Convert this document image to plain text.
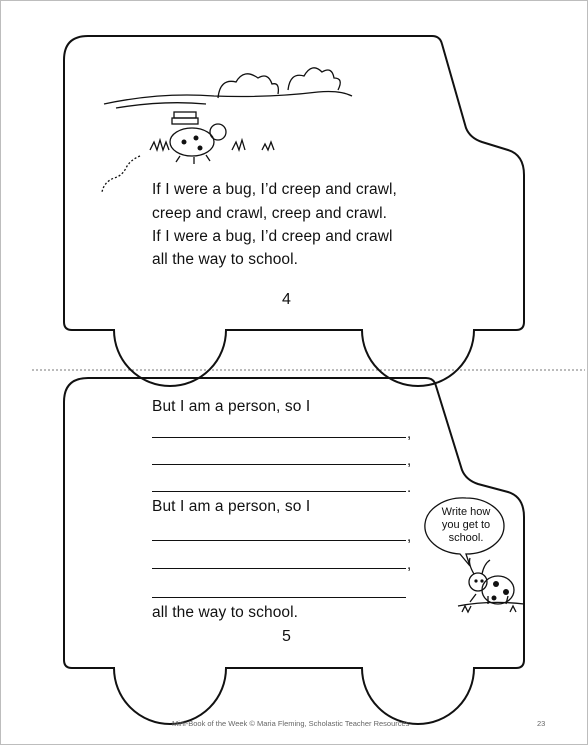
If I were a bug, I’d creep and crawl,
creep and crawl, creep and crawl.
If I were a bug, I’d creep and crawl
all the way to school.
4
But I am a person, so I
,
,
.
But I am a person, so I
,
,
all the way to school.
5
Write how
you get to
school.
Mini-Book of the Week © Maria Fleming, Scholastic Teacher Resources	23
